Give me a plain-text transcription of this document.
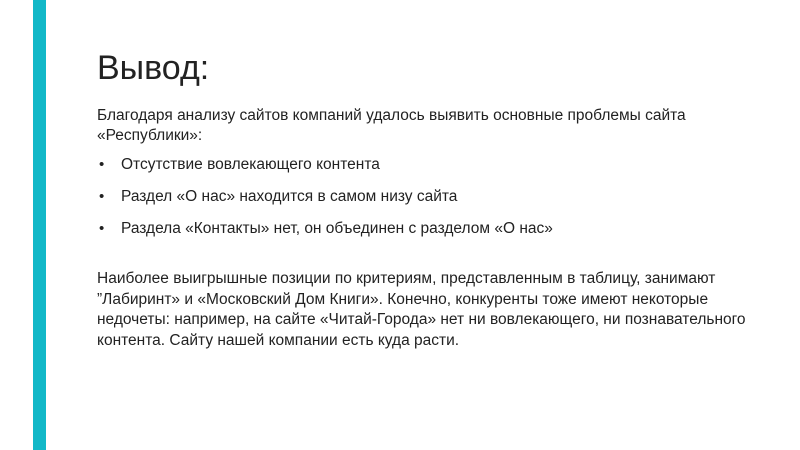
Вывод:

Благодаря анализу сайтов компаний удалось выявить основные проблемы сайта «Республики»:

• Отсутствие вовлекающего контента
• Раздел «О нас» находится в самом низу сайта
• Раздела «Контакты» нет, он объединен с разделом «О нас»

Наиболее выигрышные позиции по критериям, представленным в таблицу, занимают ”Лабиринт» и «Московский Дом Книги». Конечно, конкуренты тоже имеют некоторые недочеты: например, на сайте «Читай-Города» нет ни вовлекающего, ни познавательного контента. Сайту нашей компании есть куда расти.
